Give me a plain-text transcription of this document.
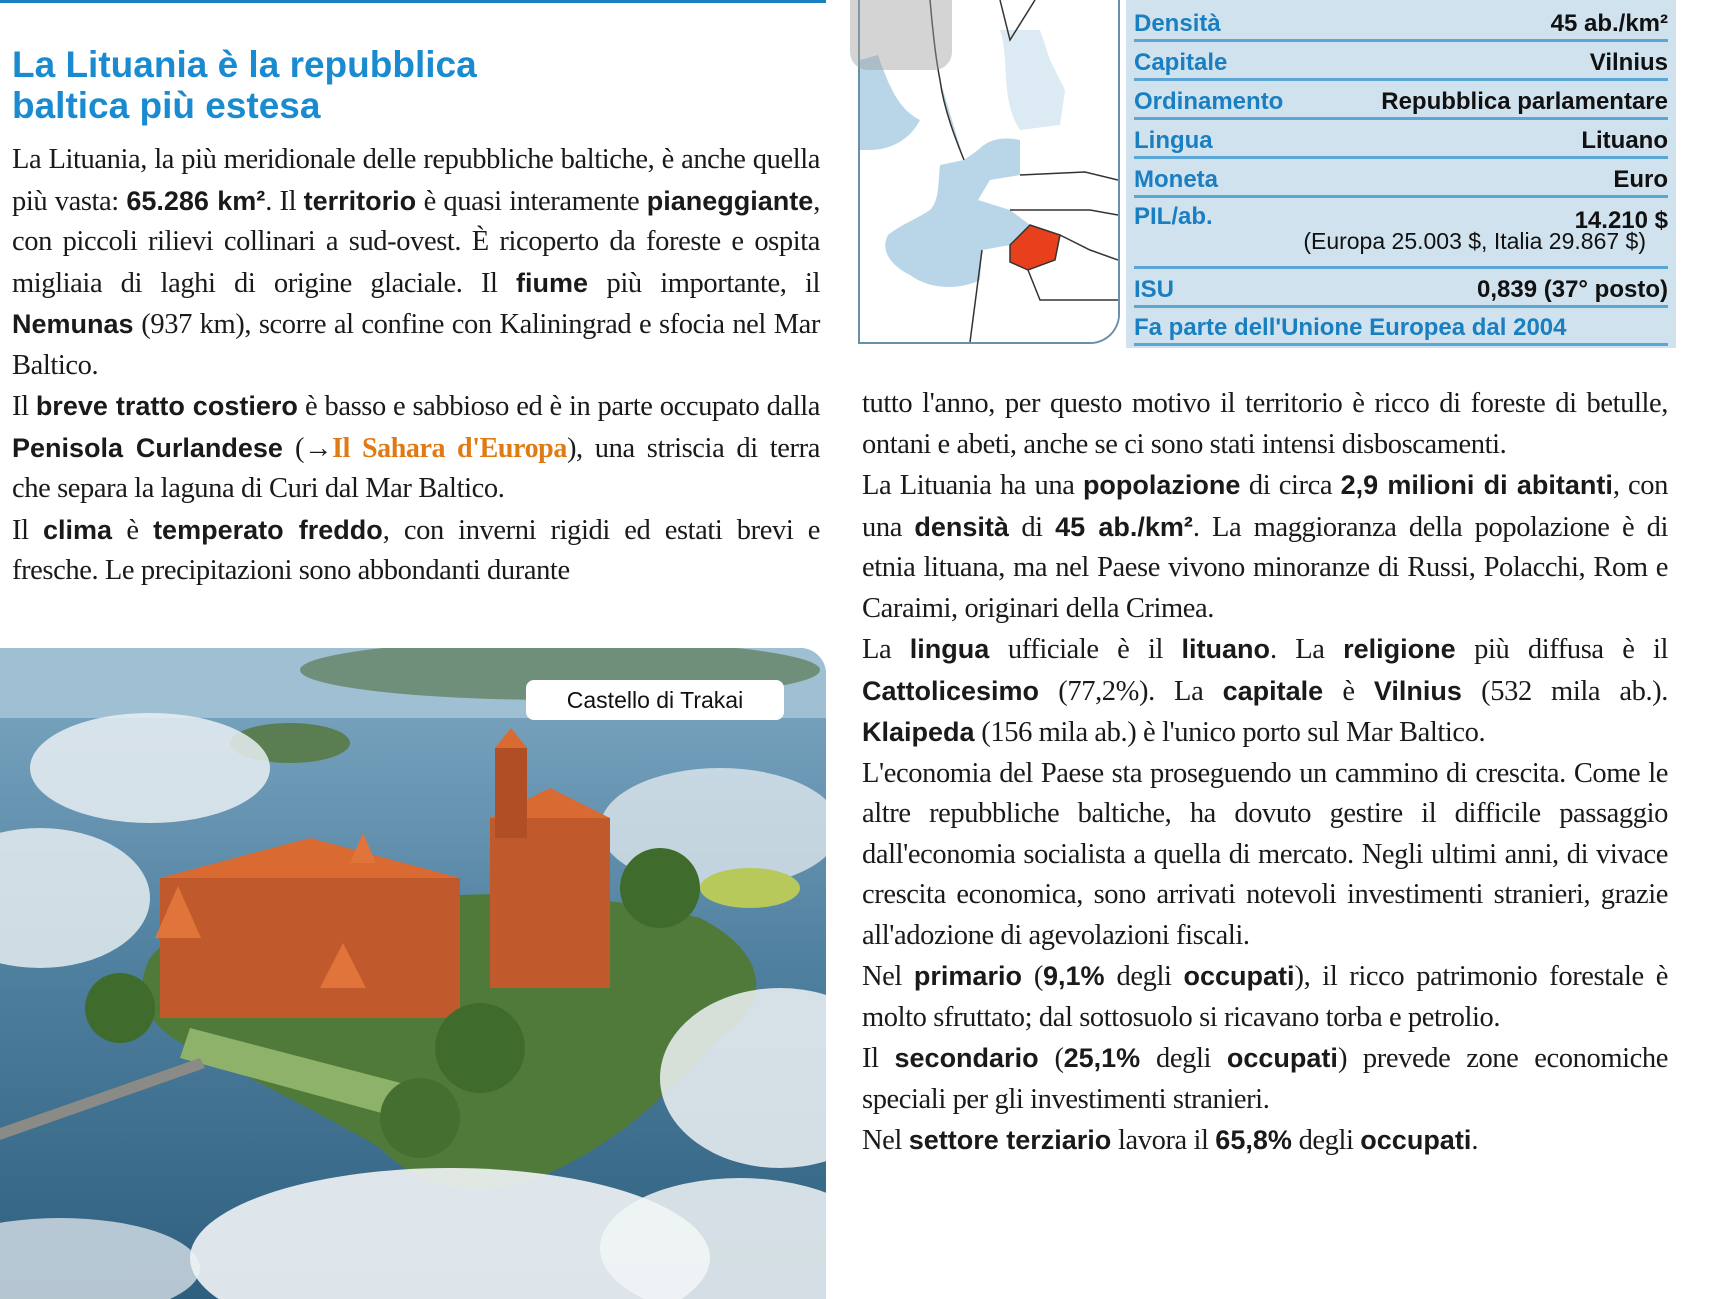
La Lituania è la repubblica
baltica più estesa

La Lituania, la più meridionale delle repubbliche baltiche, è anche quella più vasta: 65.286 km². Il territorio è quasi interamente pianeggiante, con piccoli rilievi collinari a sud-ovest. È ricoperto da foreste e ospita migliaia di laghi di origine glaciale. Il fiume più importante, il Nemunas (937 km), scorre al confine con Kaliningrad e sfocia nel Mar Baltico.

Il breve tratto costiero è basso e sabbioso ed è in parte occupato dalla Penisola Curlandese (→Il Sahara d'Europa), una striscia di terra che separa la laguna di Curi dal Mar Baltico.

Il clima è temperato freddo, con inverni rigidi ed estati brevi e fresche. Le precipitazioni sono abbondanti durante

Densità	45 ab./km²
Capitale	Vilnius
Ordinamento	Repubblica parlamentare
Lingua	Lituano
Moneta	Euro
PIL/ab.	14.210 $
(Europa 25.003 $, Italia 29.867 $)
ISU	0,839 (37° posto)
Fa parte dell'Unione Europea dal 2004

tutto l'anno, per questo motivo il territorio è ricco di foreste di betulle, ontani e abeti, anche se ci sono stati intensi disboscamenti.

La Lituania ha una popolazione di circa 2,9 milioni di abitanti, con una densità di 45 ab./km². La maggioranza della popolazione è di etnia lituana, ma nel Paese vivono minoranze di Russi, Polacchi, Rom e Caraimi, originari della Crimea.

La lingua ufficiale è il lituano. La religione più diffusa è il Cattolicesimo (77,2%). La capitale è Vilnius (532 mila ab.). Klaipeda (156 mila ab.) è l'unico porto sul Mar Baltico.

L'economia del Paese sta proseguendo un cammino di crescita. Come le altre repubbliche baltiche, ha dovuto gestire il difficile passaggio dall'economia socialista a quella di mercato. Negli ultimi anni, di vivace crescita economica, sono arrivati notevoli investimenti stranieri, grazie all'adozione di agevolazioni fiscali.

Nel primario (9,1% degli occupati), il ricco patrimonio forestale è molto sfruttato; dal sottosuolo si ricavano torba e petrolio.

Il secondario (25,1% degli occupati) prevede zone economiche speciali per gli investimenti stranieri.

Nel settore terziario lavora il 65,8% degli occupati.

Castello di Trakai
